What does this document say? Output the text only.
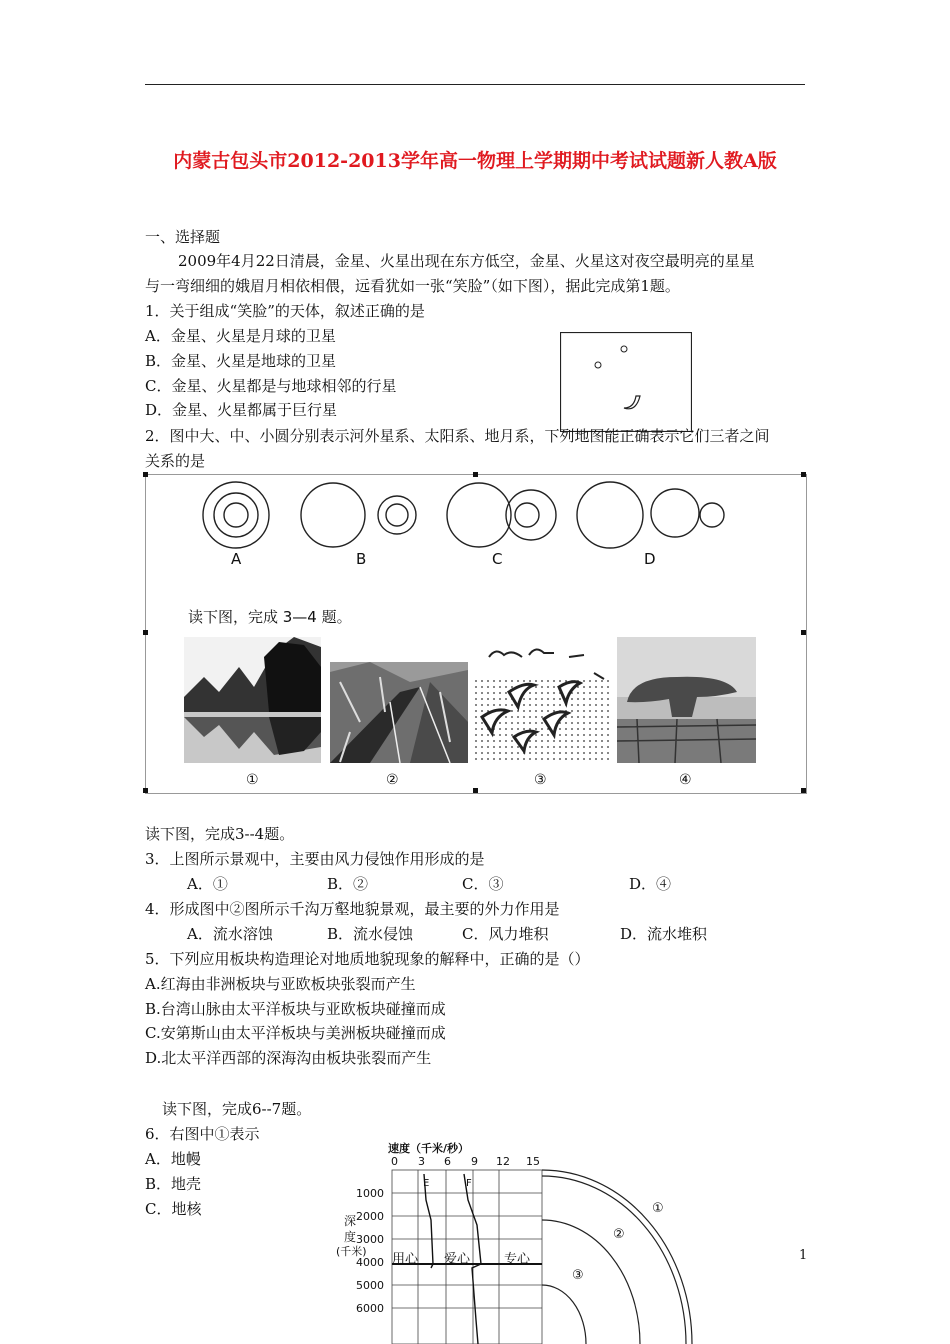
内蒙古包头市2012-2013学年高一物理上学期期中考试试题新人教A版
一、选择题
2009年4月22日清晨，金星、火星出现在东方低空，金星、火星这对夜空最明亮的星星
与一弯细细的娥眉月相依相偎，远看犹如一张“笑脸”（如下图），据此完成第1题。
1．关于组成“笑脸”的天体，叙述正确的是
A．金星、火星是月球的卫星
B．金星、火星是地球的卫星
C．金星、火星都是与地球相邻的行星
D．金星、火星都属于巨行星
2．图中大、中、小圆分别表示河外星系、太阳系、地月系，下列地图能正确表示它们三者之间
关系的是
A	B	C	D
读下图，完成 3—4 题。
①	②	③	④
读下图，完成3--4题。
3．上图所示景观中，主要由风力侵蚀作用形成的是
A．①	B．②	C．③	D．④
4．形成图中②图所示千沟万壑地貌景观，最主要的外力作用是
A．流水溶蚀	B．流水侵蚀	C．风力堆积	D．流水堆积
5．下列应用板块构造理论对地质地貌现象的解释中，正确的是（）
A.红海由非洲板块与亚欧板块张裂而产生
B.台湾山脉由太平洋板块与亚欧板块碰撞而成
C.安第斯山由太平洋板块与美洲板块碰撞而成
D.北太平洋西部的深海沟由板块张裂而产生
读下图，完成6--7题。
6．右图中①表示
A．地幔
B．地壳
C．地核
速度（千米/秒）
0 3 6 9 12 15
1000
2000
3000
4000
5000
6000
深
度
(千米)
E	F
用心 爱心	专心
①
②
③
1
